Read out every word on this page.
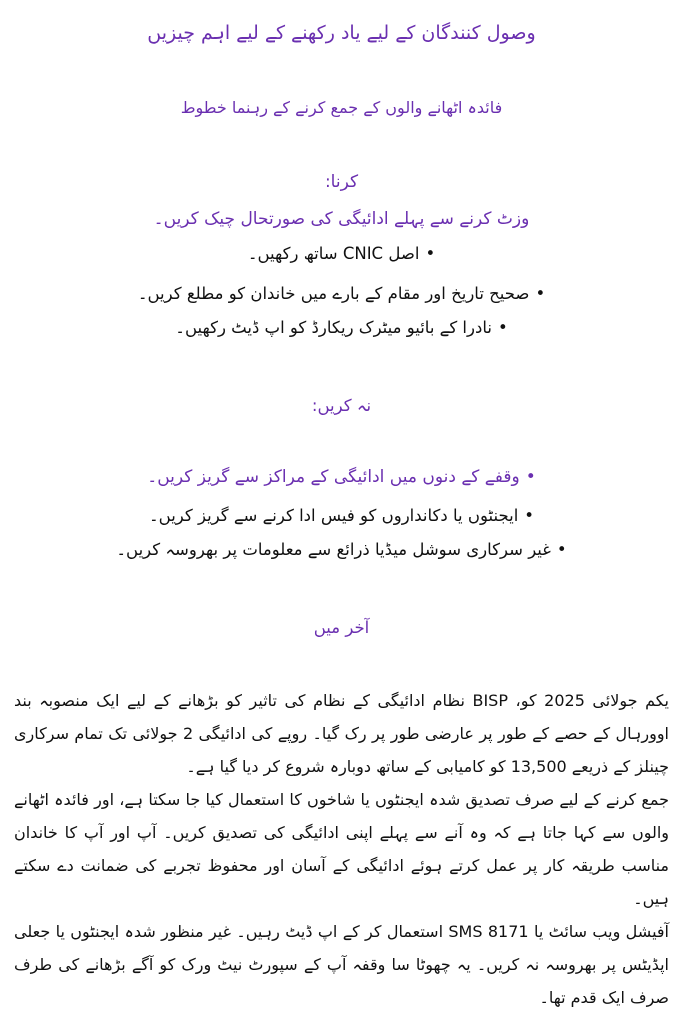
وصول کنندگان کے لیے یاد رکھنے کے لیے اہم چیزیں
فائدہ اٹھانے والوں کے جمع کرنے کے رہنما خطوط
کرنا:
وزٹ کرنے سے پہلے ادائیگی کی صورتحال چیک کریں۔
• اصل CNIC ساتھ رکھیں۔
• صحیح تاریخ اور مقام کے بارے میں خاندان کو مطلع کریں۔
• نادرا کے بائیو میٹرک ریکارڈ کو اپ ڈیٹ رکھیں۔
نہ کریں:
• وقفے کے دنوں میں ادائیگی کے مراکز سے گریز کریں۔
• ایجنٹوں یا دکانداروں کو فیس ادا کرنے سے گریز کریں۔
• غیر سرکاری سوشل میڈیا ذرائع سے معلومات پر بھروسہ کریں۔
آخر میں

یکم جولائی 2025 کو، BISP نظام ادائیگی کے نظام کی تاثیر کو بڑھانے کے لیے ایک منصوبہ بند اوورہال کے حصے کے طور پر عارضی طور پر رک گیا۔ روپے کی ادائیگی 2 جولائی تک تمام سرکاری چینلز کے ذریعے 13,500 کو کامیابی کے ساتھ دوبارہ شروع کر دیا گیا ہے۔

جمع کرنے کے لیے صرف تصدیق شدہ ایجنٹوں یا شاخوں کا استعمال کیا جا سکتا ہے، اور فائدہ اٹھانے والوں سے کہا جاتا ہے کہ وہ آنے سے پہلے اپنی ادائیگی کی تصدیق کریں۔ آپ اور آپ کا خاندان مناسب طریقہ کار پر عمل کرتے ہوئے ادائیگی کے آسان اور محفوظ تجربے کی ضمانت دے سکتے ہیں۔

آفیشل ویب سائٹ یا SMS 8171 استعمال کر کے اپ ڈیٹ رہیں۔ غیر منظور شدہ ایجنٹوں یا جعلی اپڈیٹس پر بھروسہ نہ کریں۔ یہ چھوٹا سا وقفہ آپ کے سپورٹ نیٹ ورک کو آگے بڑھانے کی طرف صرف ایک قدم تھا۔
